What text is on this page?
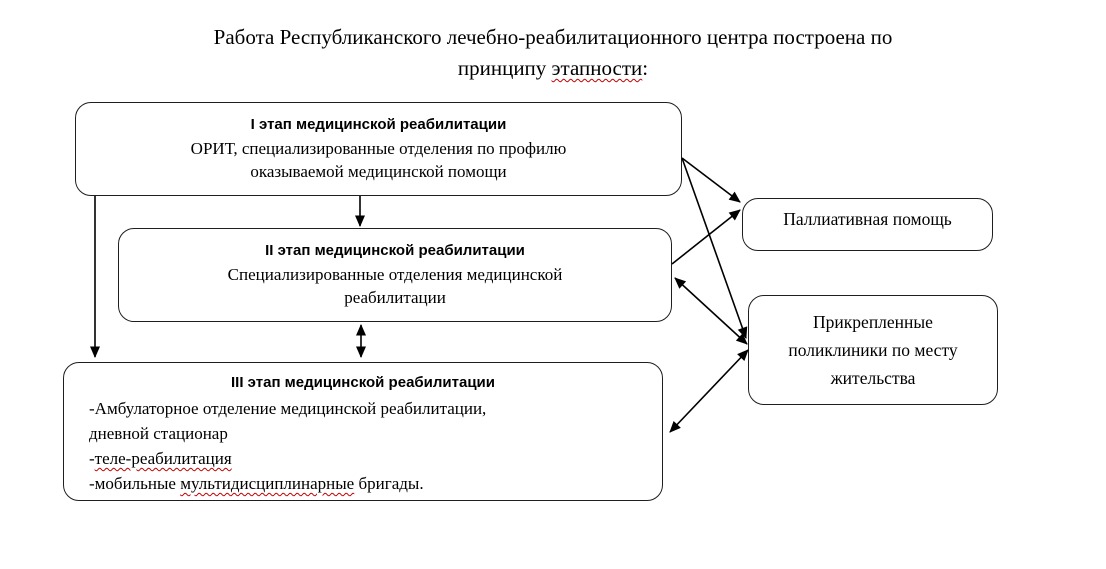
Работа Республиканского лечебно-реабилитационного центра построена по
принципу этапности:
I этап медицинской реабилитации
ОРИТ, специализированные отделения по профилю
оказываемой медицинской помощи
II этап медицинской реабилитации
Специализированные отделения медицинской
реабилитации
III этап медицинской реабилитации
-Амбулаторное отделение медицинской реабилитации,
дневной стационар
-теле-реабилитация
-мобильные мультидисциплинарные бригады.
Паллиативная помощь
Прикрепленные
поликлиники по месту
жительства
